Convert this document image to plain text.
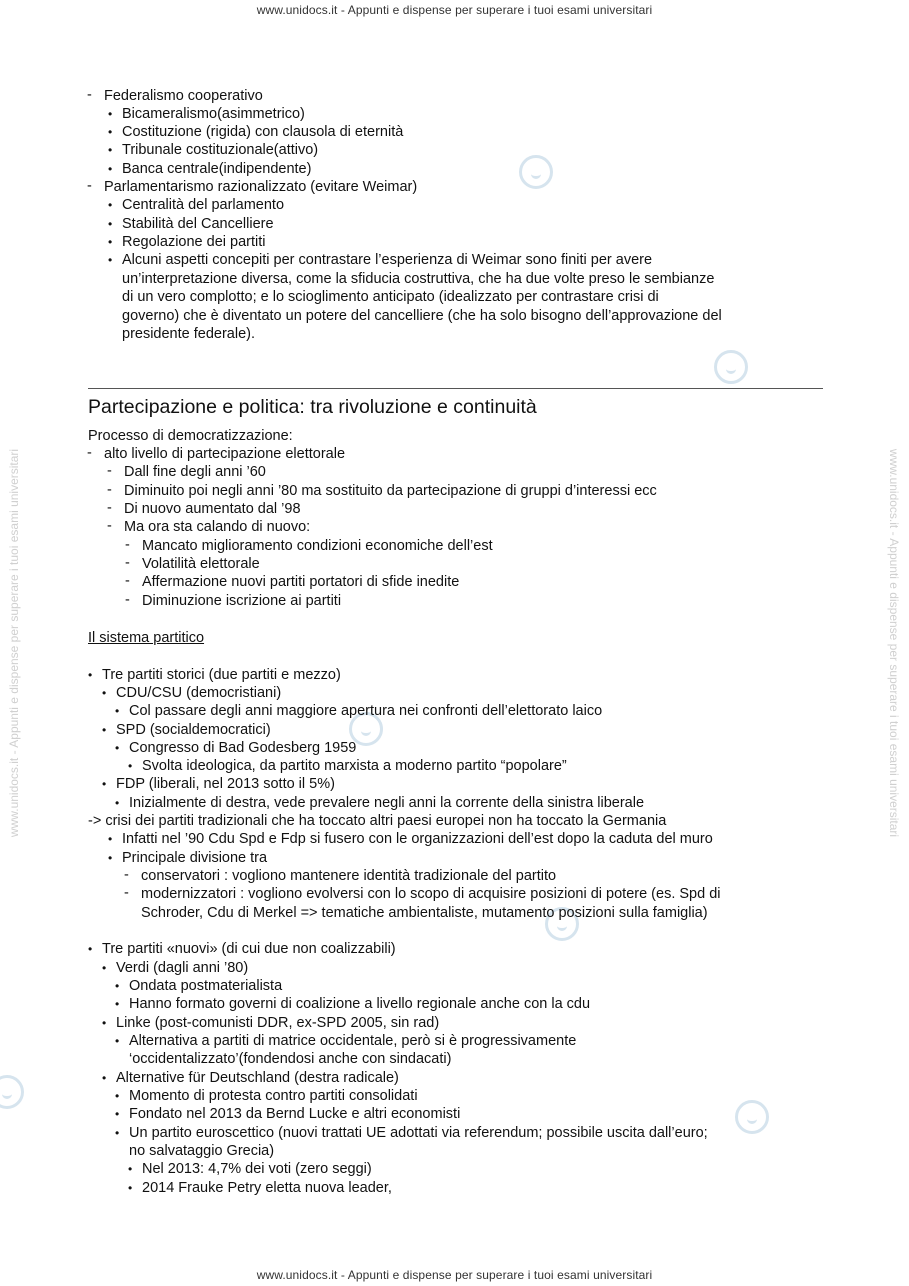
www.unidocs.it - Appunti e dispense per superare i tuoi esami universitari
www.unidocs.it - Appunti e dispense per superare i tuoi esami universitari
www.unidocs.it - Appunti e dispense per superare i tuoi esami universitari	www.unidocs.it - Appunti e dispense per superare i tuoi esami universitari
- Federalismo cooperativo
• Bicameralismo(asimmetrico)
• Costituzione (rigida) con clausola di eternità
• Tribunale costituzionale(attivo)
• Banca centrale(indipendente)
- Parlamentarismo razionalizzato (evitare Weimar)
• Centralità del parlamento
• Stabilità del Cancelliere
• Regolazione dei partiti
• Alcuni aspetti concepiti per contrastare l’esperienza di Weimar sono finiti per avere
un’interpretazione diversa, come la sfiducia costruttiva, che ha due volte preso le sembianze
di un vero complotto; e lo scioglimento anticipato (idealizzato per contrastare crisi di
governo) che è diventato un potere del cancelliere (che ha solo bisogno dell’approvazione del
presidente federale).
Partecipazione e politica: tra rivoluzione e continuità
Processo di democratizzazione:
- alto livello di partecipazione elettorale
- Dall fine degli anni ’60
- Diminuito poi negli anni ’80 ma sostituito da partecipazione di gruppi d’interessi ecc
- Di nuovo aumentato dal ’98
- Ma ora sta calando di nuovo:
- Mancato miglioramento condizioni economiche dell’est
- Volatilità elettorale
- Affermazione nuovi partiti portatori di sfide inedite
- Diminuzione iscrizione ai partiti
Il sistema partitico
• Tre partiti storici (due partiti e mezzo)
• CDU/CSU (democristiani)
• Col passare degli anni maggiore apertura nei confronti dell’elettorato laico
• SPD (socialdemocratici)
• Congresso di Bad Godesberg 1959
• Svolta ideologica, da partito marxista a moderno partito “popolare”
• FDP (liberali, nel 2013 sotto il 5%)
• Inizialmente di destra, vede prevalere negli anni la corrente della sinistra liberale
-> crisi dei partiti tradizionali che ha toccato altri paesi europei non ha toccato la Germania
• Infatti nel ’90 Cdu Spd e Fdp si fusero con le organizzazioni dell’est dopo la caduta del muro
• Principale divisione tra
- conservatori : vogliono mantenere identità tradizionale del partito
- modernizzatori : vogliono evolversi con lo scopo di acquisire posizioni di potere (es. Spd di
Schroder, Cdu di Merkel => tematiche ambientaliste, mutamento posizioni sulla famiglia)
• Tre partiti «nuovi» (di cui due non coalizzabili)
• Verdi (dagli anni ’80)
• Ondata postmaterialista
• Hanno formato governi di coalizione a livello regionale anche con la cdu
• Linke (post-comunisti DDR, ex-SPD 2005, sin rad)
• Alternativa a partiti di matrice occidentale, però si è progressivamente
‘occidentalizzato’(fondendosi anche con sindacati)
• Alternative für Deutschland (destra radicale)
• Momento di protesta contro partiti consolidati
• Fondato nel 2013 da Bernd Lucke e altri economisti
• Un partito euroscettico (nuovi trattati UE adottati via referendum; possibile uscita dall’euro;
no salvataggio Grecia)
• Nel 2013: 4,7% dei voti (zero seggi)
• 2014 Frauke Petry eletta nuova leader,
